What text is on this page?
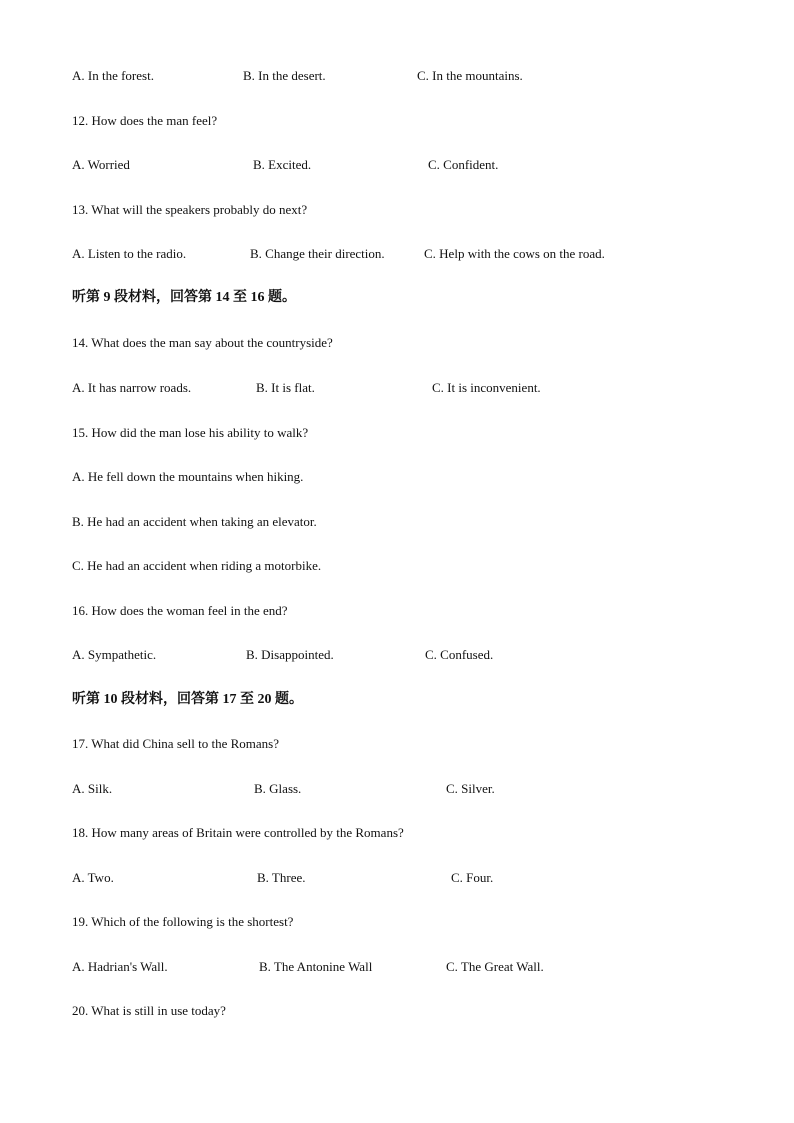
A. In the forest.	B. In the desert.	C. In the mountains.
12. How does the man feel?
A. Worried	B. Excited.	C. Confident.
13. What will the speakers probably do next?
A. Listen to the radio.	B. Change their direction.	C. Help with the cows on the road.
听第 9 段材料，回答第 14 至 16 题。
14. What does the man say about the countryside?
A. It has narrow roads.	B. It is flat.	C. It is inconvenient.
15. How did the man lose his ability to walk?
A. He fell down the mountains when hiking.
B. He had an accident when taking an elevator.
C. He had an accident when riding a motorbike.
16. How does the woman feel in the end?
A. Sympathetic.	B. Disappointed.	C. Confused.
听第 10 段材料，回答第 17 至 20 题。
17. What did China sell to the Romans?
A. Silk.	B. Glass.	C. Silver.
18. How many areas of Britain were controlled by the Romans?
A. Two.	B. Three.	C. Four.
19. Which of the following is the shortest?
A. Hadrian's Wall.	B. The Antonine Wall	C. The Great Wall.
20. What is still in use today?
